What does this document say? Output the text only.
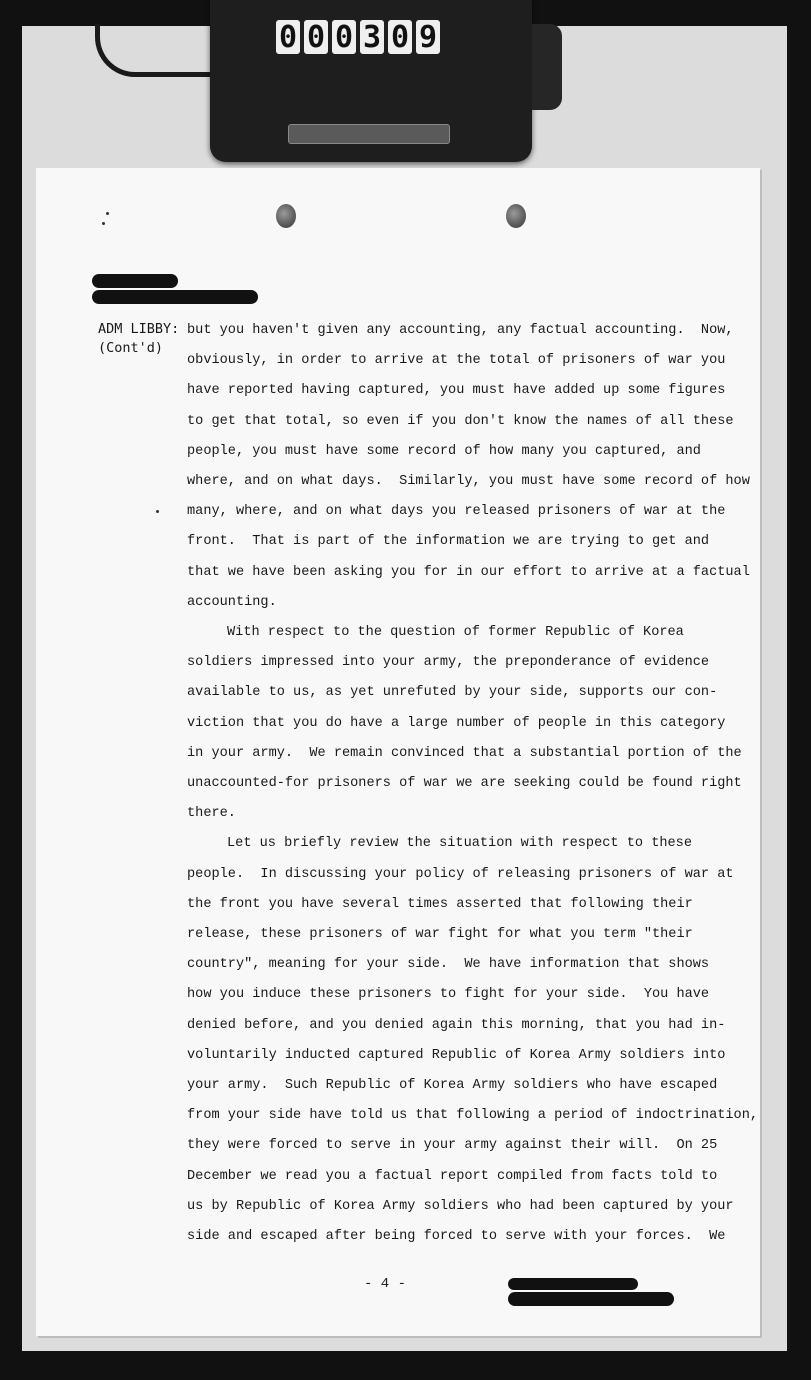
0 0 0 3 0 9
ADM LIBBY:
(Cont'd)
but you haven't given any accounting, any factual accounting.  Now,
obviously, in order to arrive at the total of prisoners of war you
have reported having captured, you must have added up some figures
to get that total, so even if you don't know the names of all these
people, you must have some record of how many you captured, and
where, and on what days.  Similarly, you must have some record of how
many, where, and on what days you released prisoners of war at the
front.  That is part of the information we are trying to get and
that we have been asking you for in our effort to arrive at a factual
accounting.
With respect to the question of former Republic of Korea
soldiers impressed into your army, the preponderance of evidence
available to us, as yet unrefuted by your side, supports our con-
viction that you do have a large number of people in this category
in your army.  We remain convinced that a substantial portion of the
unaccounted-for prisoners of war we are seeking could be found right
there.
Let us briefly review the situation with respect to these
people.  In discussing your policy of releasing prisoners of war at
the front you have several times asserted that following their
release, these prisoners of war fight for what you term "their
country", meaning for your side.  We have information that shows
how you induce these prisoners to fight for your side.  You have
denied before, and you denied again this morning, that you had in-
voluntarily inducted captured Republic of Korea Army soldiers into
your army.  Such Republic of Korea Army soldiers who have escaped
from your side have told us that following a period of indoctrination,
they were forced to serve in your army against their will.  On 25
December we read you a factual report compiled from facts told to
us by Republic of Korea Army soldiers who had been captured by your
side and escaped after being forced to serve with your forces.  We
- 4 -
